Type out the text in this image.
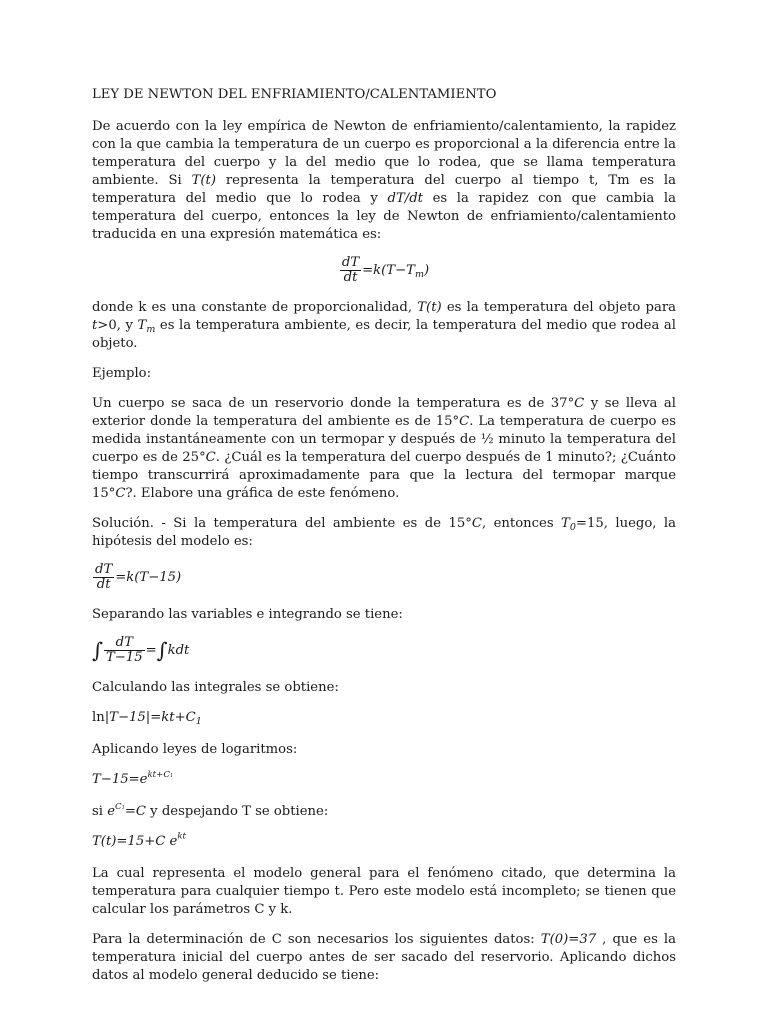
LEY DE NEWTON DEL ENFRIAMIENTO/CALENTAMIENTO

De acuerdo con la ley empírica de Newton de enfriamiento/calentamiento, la rapidez con la que cambia la temperatura de un cuerpo es proporcional a la diferencia entre la temperatura del cuerpo y la del medio que lo rodea, que se llama temperatura ambiente. Si T(t) representa la temperatura del cuerpo al tiempo t, Tm es la temperatura del medio que lo rodea y dT/dt es la rapidez con que cambia la temperatura del cuerpo, entonces la ley de Newton de enfriamiento/calentamiento traducida en una expresión matemática es:

$\frac{dT}{dt} =k(T-T_m)$

donde k es una constante de proporcionalidad, T(t) es la temperatura del objeto para t>0, y $T_m$ es la temperatura ambiente, es decir, la temperatura del medio que rodea al objeto.

Ejemplo:

Un cuerpo se saca de un reservorio donde la temperatura es de 37°C y se lleva al exterior donde la temperatura del ambiente es de 15°C. La temperatura de cuerpo es medida instantáneamente con un termopar y después de ½ minuto la temperatura del cuerpo es de 25°C. ¿Cuál es la temperatura del cuerpo después de 1 minuto?; ¿Cuánto tiempo transcurrirá aproximadamente para que la lectura del termopar marque 15°C?. Elabore una gráfica de este fenómeno.

Solución. - Si la temperatura del ambiente es de 15°C, entonces $T_0=15$, luego, la hipótesis del modelo es:

$\frac{dT}{dt} =k(T-15)$

Separando las variables e integrando se tiene:

∫ $\frac{dT}{T-15} =\int kdt$

Calculando las integrales se obtiene:

$\ln|T-15|=kt+C_1$

Aplicando leyes de logaritmos:

$T-15=e^{kt+C1}$

si $e^{C1}=C$ y despejando T se obtiene:

T(t)=15+C $e^{kt}$

La cual representa el modelo general para el fenómeno citado, que determina la temperatura para cualquier tiempo t. Pero este modelo está incompleto; se tienen que calcular los parámetros C y k.

Para la determinación de C son necesarios los siguientes datos: T(0)=37 , que es la temperatura inicial del cuerpo antes de ser sacado del reservorio. Aplicando dichos datos al modelo general deducido se tiene:
